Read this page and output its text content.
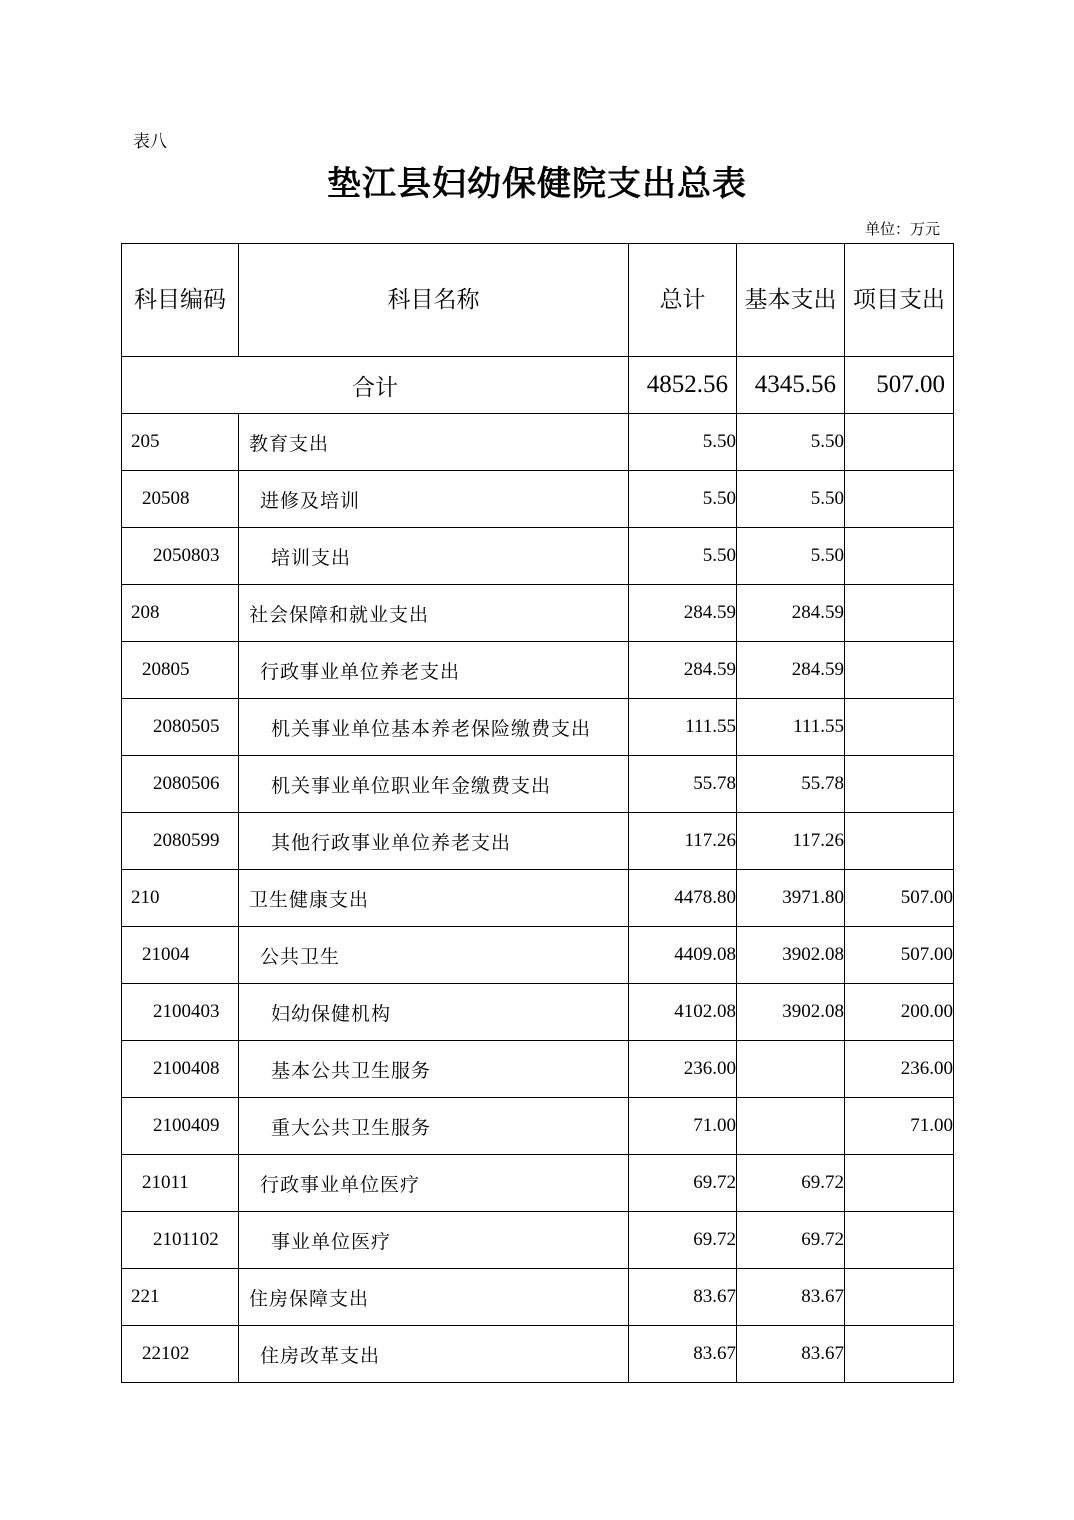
表八
垫江县妇幼保健院支出总表
单位：万元
科目编码	科目名称	总计	基本支出	项目支出
合计		4852.56	4345.56	507.00
205	教育支出	5.50	5.50	
20508	进修及培训	5.50	5.50	
2050803	培训支出	5.50	5.50	
208	社会保障和就业支出	284.59	284.59	
20805	行政事业单位养老支出	284.59	284.59	
2080505	机关事业单位基本养老保险缴费支出	111.55	111.55	
2080506	机关事业单位职业年金缴费支出	55.78	55.78	
2080599	其他行政事业单位养老支出	117.26	117.26	
210	卫生健康支出	4478.80	3971.80	507.00
21004	公共卫生	4409.08	3902.08	507.00
2100403	妇幼保健机构	4102.08	3902.08	200.00
2100408	基本公共卫生服务	236.00		236.00
2100409	重大公共卫生服务	71.00		71.00
21011	行政事业单位医疗	69.72	69.72	
2101102	事业单位医疗	69.72	69.72	
221	住房保障支出	83.67	83.67	
22102	住房改革支出	83.67	83.67	
